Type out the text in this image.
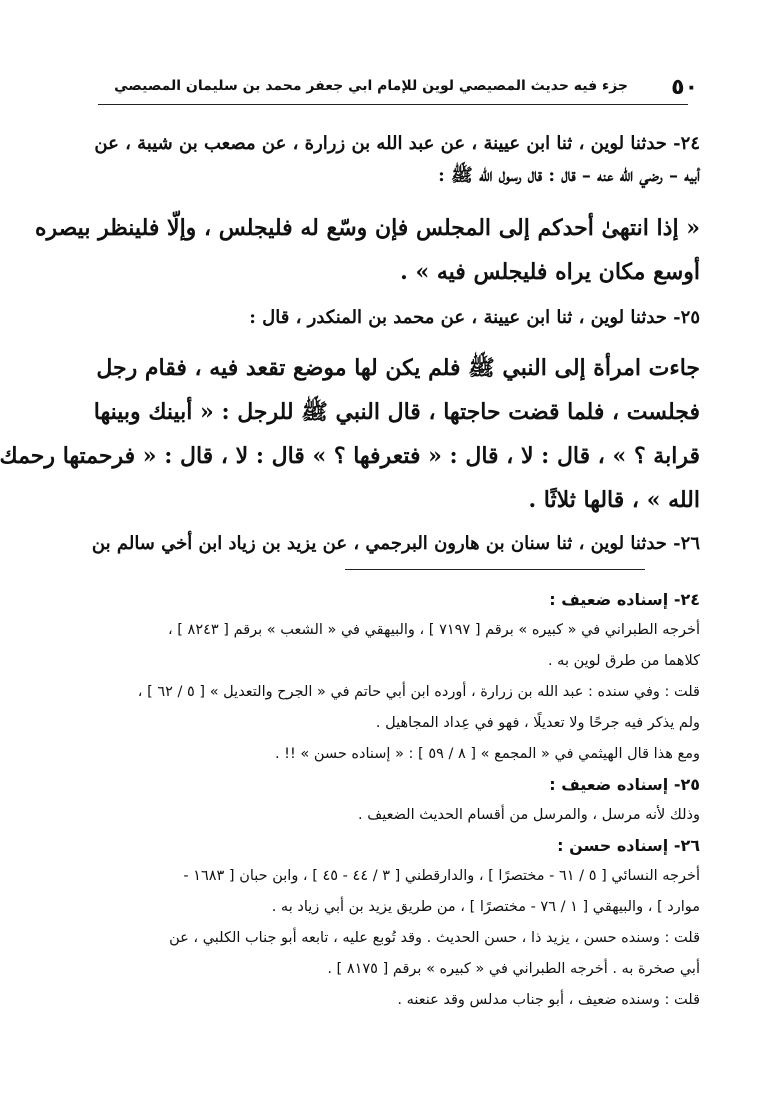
٥٠
جزء فيه حديث المصيصي لوين للإمام ابي جعفر محمد بن سليمان المصيصي
٢٤- حدثنا لوين ، ثنا ابن عيينة ، عن عبد الله بن زرارة ، عن مصعب بن شيبة ، عن
أبيه – رضي الله عنه – قال : قال رسول الله ﷺ :
« إذا انتهىٰ أحدكم إلى المجلس فإن وسّع له فليجلس ، وإلّا فلينظر بيصره
أوسع مكان يراه فليجلس فيه » .
٢٥- حدثنا لوين ، ثنا ابن عيينة ، عن محمد بن المنكدر ، قال :
جاءت امرأة إلى النبي ﷺ فلم يكن لها موضع تقعد فيه ، فقام رجل
فجلست ، فلما قضت حاجتها ، قال النبي ﷺ للرجل : « أبينك وبينها
قرابة ؟ » ، قال : لا ، قال : « فتعرفها ؟ » قال : لا ، قال : « فرحمتها رحمك
الله » ، قالها ثلاثًا .
٢٦- حدثنا لوين ، ثنا سنان بن هارون البرجمي ، عن يزيد بن زياد ابن أخي سالم بن
٢٤- إسناده ضعيف :
أخرجه الطبراني في « كبيره » برقم [ ٧١٩٧ ] ، والبيهقي في « الشعب » برقم [ ٨٢٤٣ ] ،
كلاهما من طرق لوين به .
قلت : وفي سنده : عبد الله بن زرارة ، أورده ابن أبي حاتم في « الجرح والتعديل » [ ٥ / ٦٢ ] ،
ولم يذكر فيه جرحًا ولا تعديلًا ، فهو في عِداد المجاهيل .
ومع هذا قال الهيثمي في « المجمع » [ ٨ / ٥٩ ] : « إسناده حسن » !! .
٢٥- إسناده ضعيف :
وذلك لأنه مرسل ، والمرسل من أقسام الحديث الضعيف .
٢٦- إسناده حسن :
أخرجه النسائي [ ٥ / ٦١ - مختصرًا ] ، والدارقطني [ ٣ / ٤٤ - ٤٥ ] ، وابن حبان [ ١٦٨٣ -
موارد ] ، والبيهقي [ ١ / ٧٦ - مختصرًا ] ، من طريق يزيد بن أبي زياد به .
قلت : وسنده حسن ، يزيد ذا ، حسن الحديث . وقد تُوبع عليه ، تابعه أبو جناب الكلبي ، عن
أبي صخرة به . أخرجه الطبراني في « كبيره » برقم [ ٨١٧٥ ] .
قلت : وسنده ضعيف ، أبو جناب مدلس وقد عنعنه .
